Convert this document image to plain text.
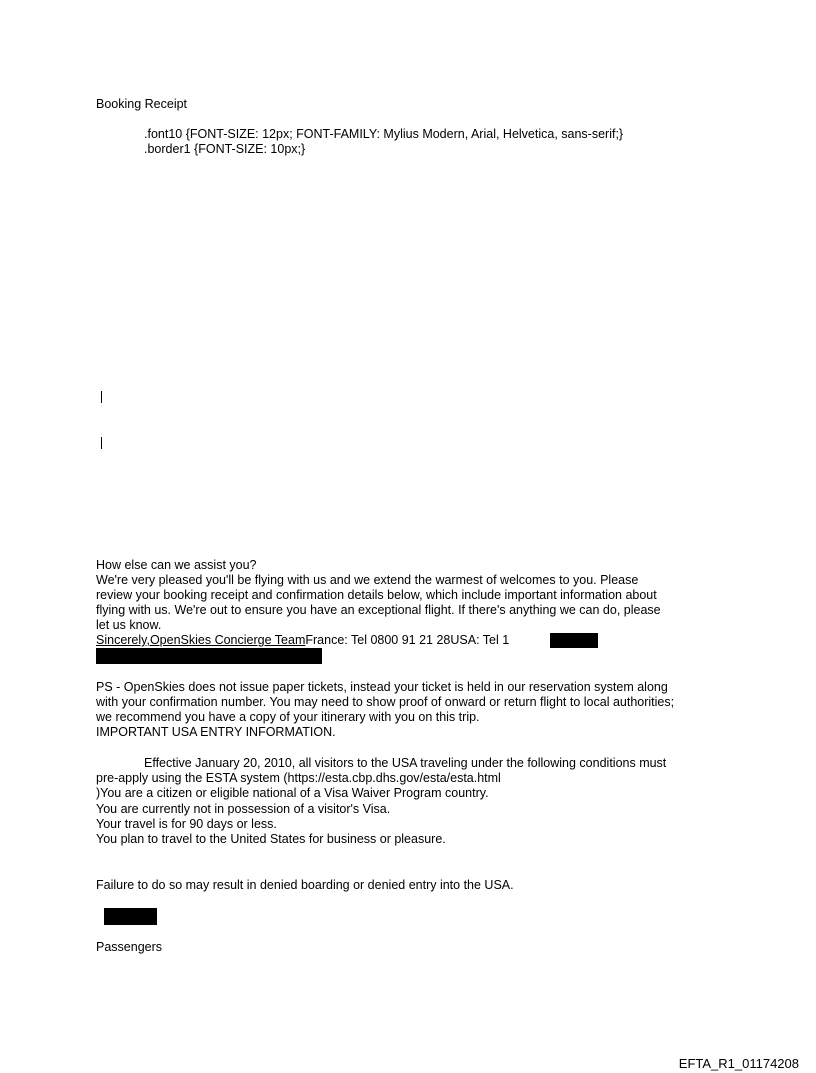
Booking Receipt

.font10 {FONT-SIZE: 12px; FONT-FAMILY: Mylius Modern, Arial, Helvetica, sans-serif;}

.border1 {FONT-SIZE: 10px;}

How else can we assist you?

We're very pleased you'll be flying with us and we extend the warmest of welcomes to you. Please

review your booking receipt and confirmation details below, which include important information about

flying with us. We're out to ensure you have an exceptional flight. If there's anything we can do, please

let us know.

Sincerely,OpenSkies Concierge TeamFrance: Tel 0800 91 21 28USA: Tel 1

PS - OpenSkies does not issue paper tickets, instead your ticket is held in our reservation system along

with your confirmation number. You may need to show proof of onward or return flight to local authorities;

we recommend you have a copy of your itinerary with you on this trip.

IMPORTANT USA ENTRY INFORMATION.

Effective January 20, 2010, all visitors to the USA traveling under the following conditions must

pre-apply using the ESTA system (https://esta.cbp.dhs.gov/esta/esta.html

)You are a citizen or eligible national of a Visa Waiver Program country.

You are currently not in possession of a visitor's Visa.

Your travel is for 90 days or less.

You plan to travel to the United States for business or pleasure.

Failure to do so may result in denied boarding or denied entry into the USA.

Passengers

EFTA_R1_01174208
